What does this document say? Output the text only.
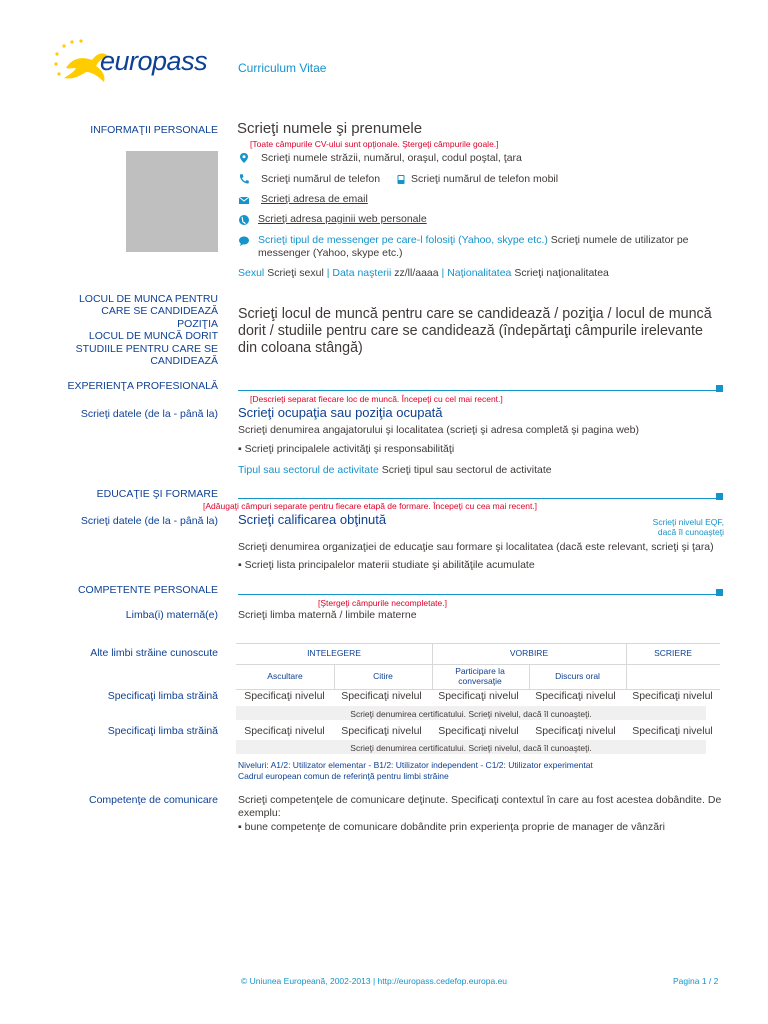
europass	Curriculum Vitae
INFORMAŢII PERSONALE Scrieţi numele şi prenumele
[Toate câmpurile CV-ului sunt opţionale. Ştergeţi câmpurile goale.]
Scrieţi numele străzii, numărul, oraşul, codul poştal, ţara
Scrieţi numărul de telefon	Scrieţi numărul de telefon mobil
Scrieţi adresa de email
Scrieţi adresa paginii web personale
Scrieţi tipul de messenger pe care-l folosiţi (Yahoo, skype etc.) Scrieţi numele de utilizator pe messenger (Yahoo, skype etc.)
Sexul Scrieţi sexul | Data naşterii zz/ll/aaaa | Naţionalitatea Scrieţi naţionalitatea
LOCUL DE MUNCA PENTRU
CARE SE CANDIDEAZĂ
POZIŢIA
LOCUL DE MUNCĂ DORIT
STUDIILE PENTRU CARE SE
CANDIDEAZĂ
Scrieţi locul de muncă pentru care se candidează / poziţia / locul de muncă dorit / studiile pentru care se candidează (îndepărtaţi câmpurile irelevante din coloana stângă)
EXPERIENŢA PROFESIONALĂ
[Descrieţi separat fiecare loc de muncă. Începeţi cu cel mai recent.]
Scrieţi datele (de la - până la) Scrieţi ocupaţia sau poziţia ocupată
Scrieţi denumirea angajatorului şi localitatea (scrieţi şi adresa completă şi pagina web)
▪ Scrieţi principalele activităţi şi responsabilităţi
Tipul sau sectorul de activitate Scrieţi tipul sau sectorul de activitate
EDUCAŢIE ŞI FORMARE
[Adăugaţi câmpuri separate pentru fiecare etapă de formare. Începeţi cu cea mai recent.]
Scrieţi datele (de la - până la) Scrieţi calificarea obţinută	Scrieţi nivelul EQF,
dacă îl cunoaşteţi
Scrieţi denumirea organizaţiei de educaţie sau formare şi localitatea (dacă este relevant, scrieţi şi ţara)
▪ Scrieţi lista principalelor materii studiate şi abilităţile acumulate
COMPETENTE PERSONALE
[Ştergeţi câmpurile necompletate.]
Limba(i) maternă(e) Scrieţi limba maternă / limbile materne
Alte limbi străine cunoscute	INTELEGERE	VORBIRE	SCRIERE
Ascultare	Citire	Participare la conversaţie	Discurs oral
Specificaţi limba străină	Specificaţi nivelul	Specificaţi nivelul	Specificaţi nivelul	Specificaţi nivelul	Specificaţi nivelul
Scrieţi denumirea certificatului. Scrieţi nivelul, dacă îl cunoaşteţi.
Specificaţi limba străină	Specificaţi nivelul	Specificaţi nivelul	Specificaţi nivelul	Specificaţi nivelul	Specificaţi nivelul
Scrieţi denumirea certificatului. Scrieţi nivelul, dacă îl cunoaşteţi.
Niveluri: A1/2: Utilizator elementar - B1/2: Utilizator independent - C1/2: Utilizator experimentat
Cadrul european comun de referinţă pentru limbi străine
Competenţe de comunicare Scrieţi competenţele de comunicare deţinute. Specificaţi contextul în care au fost acestea dobândite. De exemplu:
▪ bune competenţe de comunicare dobândite prin experienţa proprie de manager de vânzări
© Uniunea Europeană, 2002-2013 | http://europass.cedefop.europa.eu	Pagina 1 / 2
